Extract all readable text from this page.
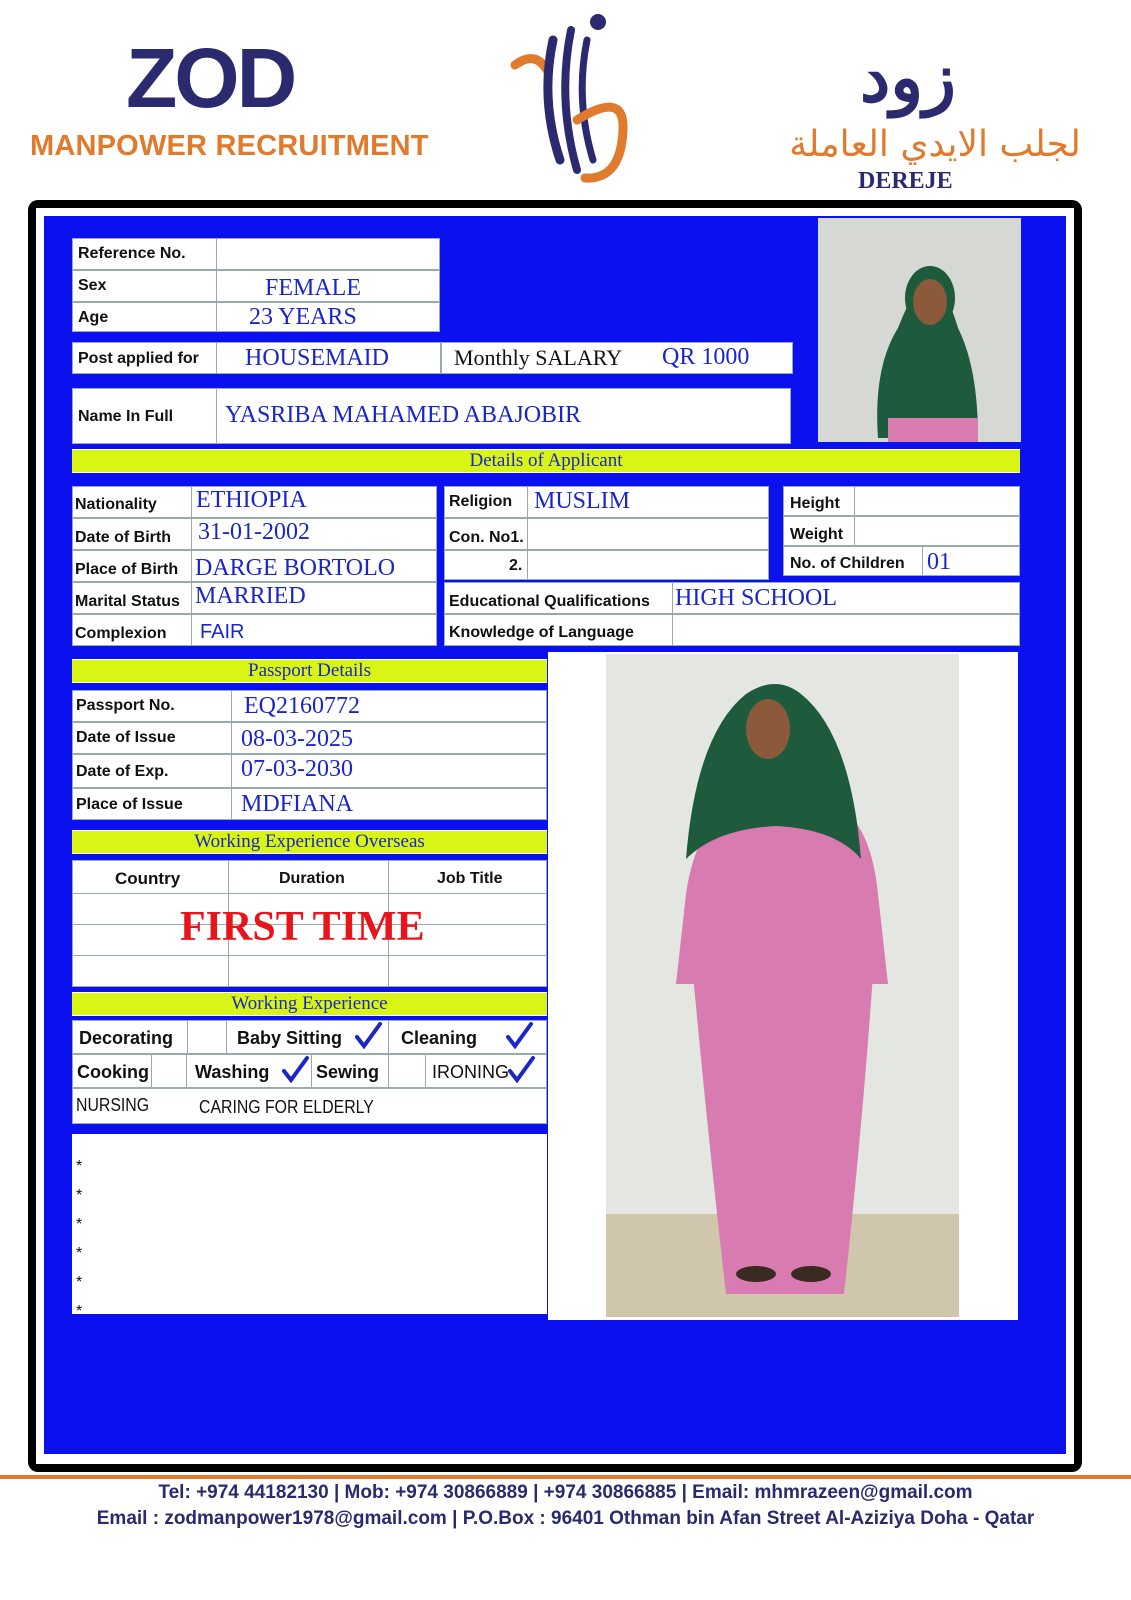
ZOD
MANPOWER RECRUITMENT
زود
لجلب الايدي العاملة
DEREJE
Reference No.
Sex	FEMALE
Age	23 YEARS
Post applied for HOUSEMAID	Monthly SALARY QR 1000
Name In Full YASRIBA MAHAMED ABAJOBIR
Details of Applicant
Nationality ETHIOPIA
Date of Birth 31-01-2002
Place of Birth DARGE BORTOLO
Marital Status MARRIED
Complexion FAIR
Religion MUSLIM
Con. No1.
2.
Height
Weight
No. of Children 01
Educational Qualifications HIGH SCHOOL
Knowledge of Language
Passport Details
Passport No.	EQ2160772
Date of Issue	08-03-2025
Date of Exp.	07-03-2030
Place of Issue MDFIANA
Working Experience Overseas
Country	Duration	Job Title
FIRST TIME
Working Experience
Decorating	Baby Sitting	Cleaning
Cooking	Washing	Sewing	IRONING
NURSING	CARING FOR ELDERLY
*
*
*
*
*
*
Tel: +974 44182130 | Mob: +974 30866889 | +974 30866885 | Email: mhmrazeen@gmail.com
Email : zodmanpower1978@gmail.com | P.O.Box : 96401 Othman bin Afan Street Al-Aziziya Doha - Qatar
